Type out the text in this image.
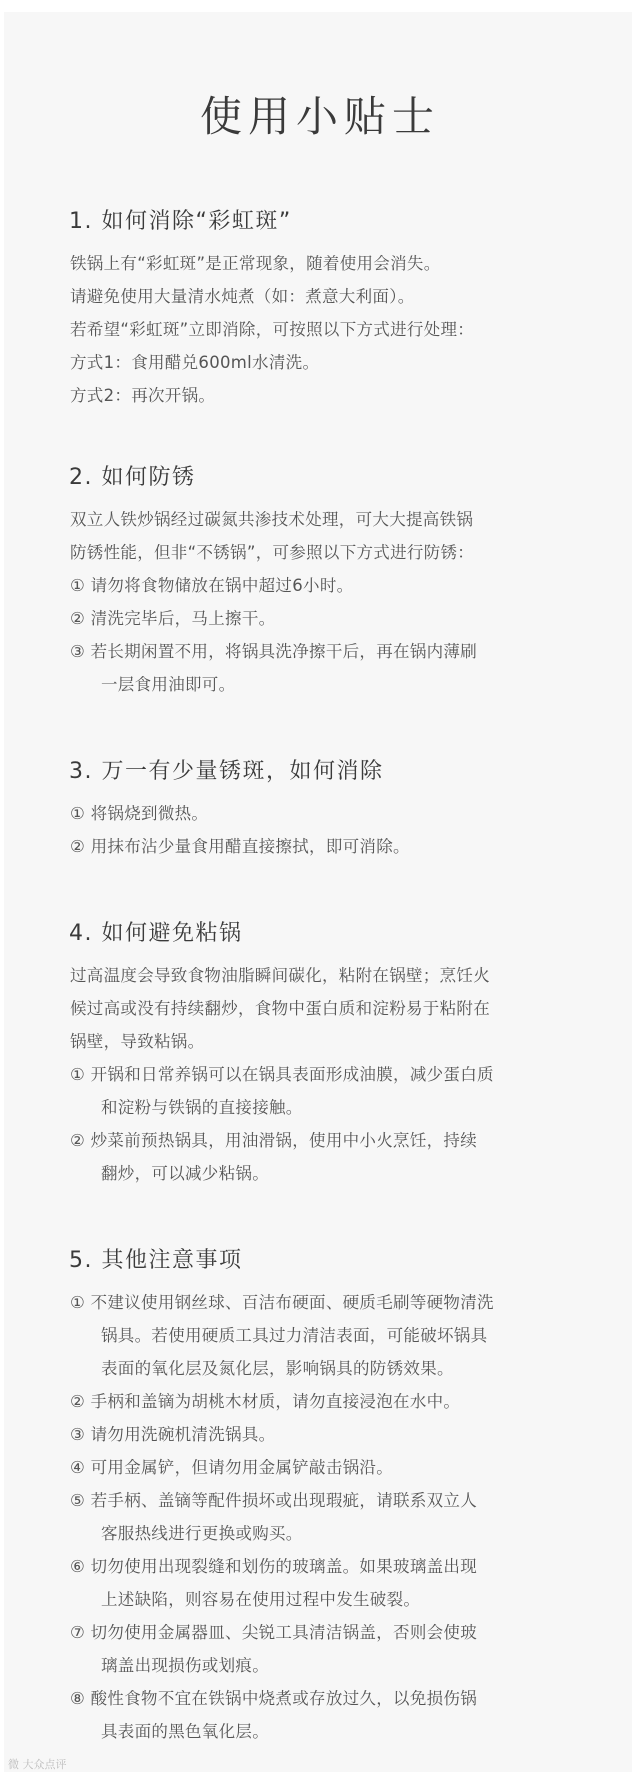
使用小贴士
1. 如何消除“彩虹斑”
铁锅上有“彩虹斑”是正常现象，随着使用会消失。
请避免使用大量清水炖煮（如：煮意大利面）。
若希望“彩虹斑”立即消除，可按照以下方式进行处理：
方式1：食用醋兑600ml水清洗。
方式2：再次开锅。
2. 如何防锈
双立人铁炒锅经过碳氮共渗技术处理，可大大提高铁锅
防锈性能，但非“不锈锅”，可参照以下方式进行防锈：
① 请勿将食物储放在锅中超过6小时。
② 清洗完毕后，马上擦干。
③ 若长期闲置不用，将锅具洗净擦干后，再在锅内薄刷
一层食用油即可。
3. 万一有少量锈斑，如何消除
① 将锅烧到微热。
② 用抹布沾少量食用醋直接擦拭，即可消除。
4. 如何避免粘锅
过高温度会导致食物油脂瞬间碳化，粘附在锅壁；烹饪火
候过高或没有持续翻炒，食物中蛋白质和淀粉易于粘附在
锅壁，导致粘锅。
① 开锅和日常养锅可以在锅具表面形成油膜，减少蛋白质
和淀粉与铁锅的直接接触。
② 炒菜前预热锅具，用油滑锅，使用中小火烹饪，持续
翻炒，可以减少粘锅。
5. 其他注意事项
① 不建议使用钢丝球、百洁布硬面、硬质毛刷等硬物清洗
锅具。若使用硬质工具过力清洁表面，可能破坏锅具
表面的氧化层及氮化层，影响锅具的防锈效果。
② 手柄和盖镝为胡桃木材质，请勿直接浸泡在水中。
③ 请勿用洗碗机清洗锅具。
④ 可用金属铲，但请勿用金属铲敲击锅沿。
⑤ 若手柄、盖镝等配件损坏或出现瑕疵，请联系双立人
客服热线进行更换或购买。
⑥ 切勿使用出现裂缝和划伤的玻璃盖。如果玻璃盖出现
上述缺陷，则容易在使用过程中发生破裂。
⑦ 切勿使用金属器皿、尖锐工具清洁锅盖，否则会使玻
璃盖出现损伤或划痕。
⑧ 酸性食物不宜在铁锅中烧煮或存放过久，以免损伤锅
具表面的黑色氧化层。
微 大众点评
